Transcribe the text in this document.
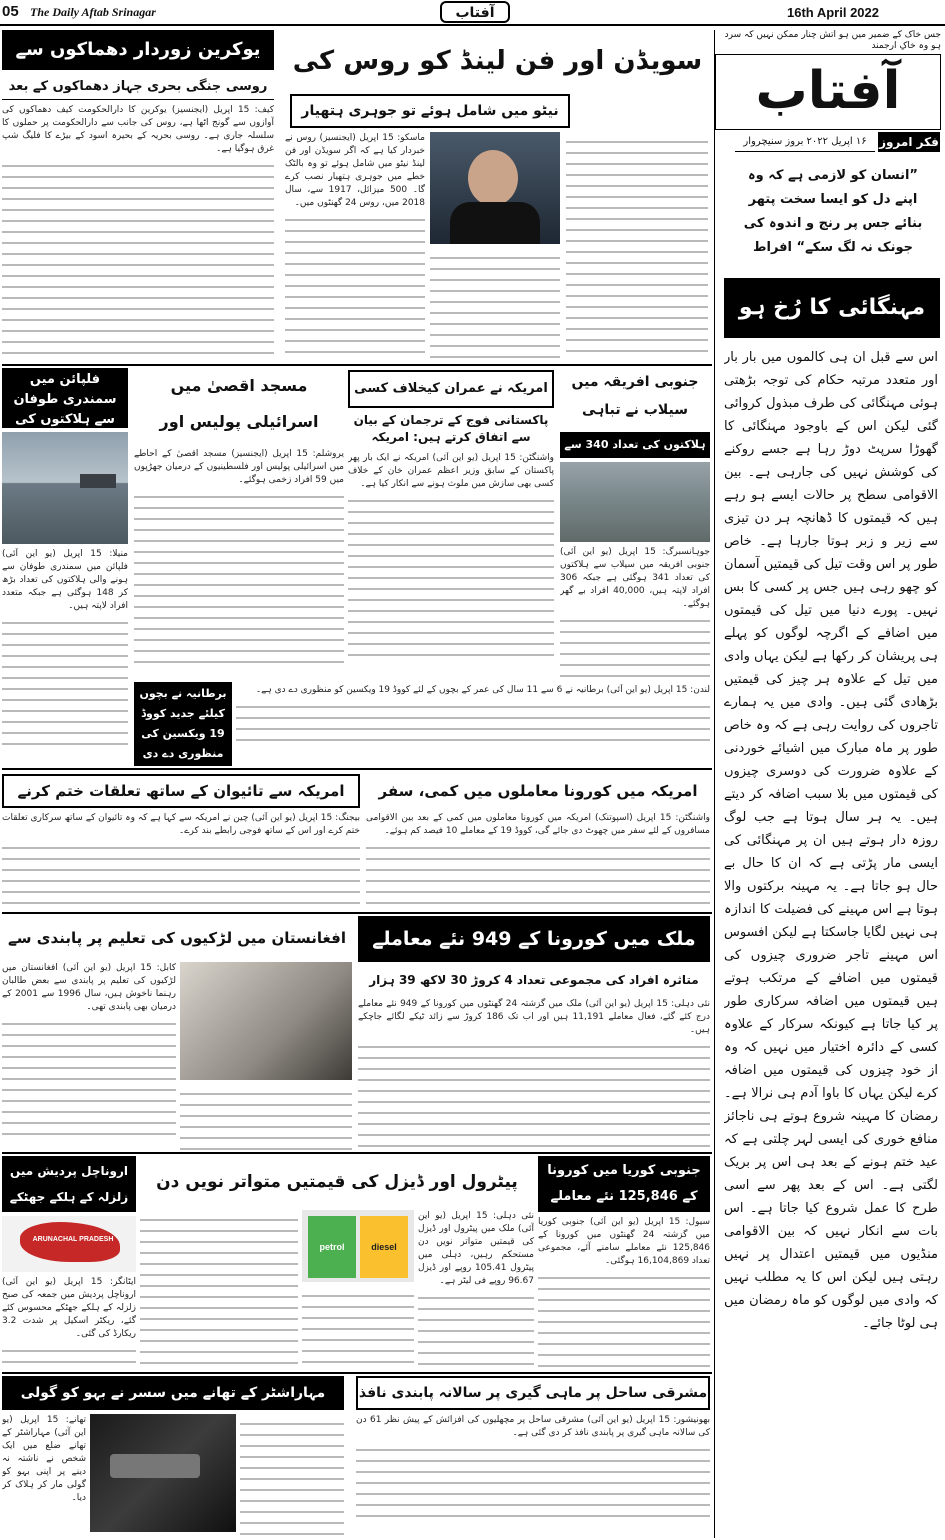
05 The Daily Aftab Srinagar	آفتاب	16th April 2022
جس خاک کے ضمیر میں ہو آتش چنار ممکن نہیں کہ سرد ہو وہ خاکِ ارجمند
آفتاب
فکر امروز
۱۶ اپریل ۲۰۲۲ بروز سنیچروار
”انسان کو لازمی ہے کہ وہ اپنے دل کو ایسا سخت پتھر بنائے جس پر رنج و اندوہ کی جونک نہ لگ سکے“ افراط
مہنگائی کا رُخ ہو
اس سے قبل ان ہی کالموں میں بار بار اور متعدد مرتبہ حکام کی توجہ بڑھتی ہوئی مہنگائی کی طرف مبذول کروائی گئی لیکن اس کے باوجود مہنگائی کا گھوڑا سرپٹ دوڑ رہا ہے جسے روکنے کی کوشش نہیں کی جارہی ہے۔ بین الاقوامی سطح پر حالات ایسے ہو رہے ہیں کہ قیمتوں کا ڈھانچہ ہر دن تیزی سے زیر و زبر ہوتا جارہا ہے۔ خاص طور پر اس وقت تیل کی قیمتیں آسمان کو چھو رہی ہیں جس پر کسی کا بس نہیں۔ پورے دنیا میں تیل کی قیمتوں میں اضافے کے اگرچہ لوگوں کو پہلے ہی پریشان کر رکھا ہے لیکن یہاں وادی میں تیل کے علاوہ ہر چیز کی قیمتیں بڑھادی گئی ہیں۔ وادی میں یہ ہمارے تاجروں کی روایت رہی ہے کہ وہ خاص طور پر ماہ مبارک میں اشیائے خوردنی کے علاوہ ضرورت کی دوسری چیزوں کی قیمتوں میں بلا سبب اضافہ کر دیتے ہیں۔ یہ ہر سال ہوتا ہے جب لوگ روزہ دار ہوتے ہیں ان پر مہنگائی کی ایسی مار پڑتی ہے کہ ان کا حال بے حال ہو جاتا ہے۔ یہ مہینہ برکتوں والا ہوتا ہے اس مہینے کی فضیلت کا اندازہ ہی نہیں لگایا جاسکتا ہے لیکن افسوس اس مہینے تاجر ضروری چیزوں کی قیمتوں میں اضافے کے مرتکب ہوتے ہیں قیمتوں میں اضافہ سرکاری طور پر کیا جاتا ہے کیونکہ سرکار کے علاوہ کسی کے دائرہ اختیار میں نہیں کہ وہ از خود چیزوں کی قیمتوں میں اضافہ کرے لیکن یہاں کا باوا آدم ہی نرالا ہے۔ رمضان کا مہینہ شروع ہوتے ہی ناجائز منافع خوری کی ایسی لہر چلتی ہے کہ عید ختم ہونے کے بعد ہی اس پر بریک لگتی ہے۔ اس کے بعد پھر سے اسی طرح کا عمل شروع کیا جاتا ہے۔ اس بات سے انکار نہیں کہ بین الاقوامی منڈیوں میں قیمتیں اعتدال پر نہیں رہتی ہیں لیکن اس کا یہ مطلب نہیں کہ وادی میں لوگوں کو ماہ رمضان میں ہی لوٹا جائے۔
یوکرین زوردار دھماکوں سے
روسی جنگی بحری جہاز دھماکوں کے بعد
کیف: 15 اپریل (ایجنسیز) یوکرین کا دارالحکومت کیف دھماکوں کی آوازوں سے گونج اٹھا ہے، روس کی جانب سے دارالحکومت پر حملوں کا سلسلہ جاری ہے۔ روسی بحریہ کے بحیرہ اسود کے بیڑے کا فلیگ شپ غرق ہوگیا ہے۔
سویڈن اور فن لینڈ کو روس کی
نیٹو میں شامل ہوئے تو جوہری ہتھیار
ماسکو: 15 اپریل (ایجنسیز) روس نے خبردار کیا ہے کہ اگر سویڈن اور فن لینڈ نیٹو میں شامل ہوئے تو وہ بالٹک خطے میں جوہری ہتھیار نصب کرے گا۔ 500 میزائل، 1917 سے، سال 2018 میں، روس 24 گھنٹوں میں۔
فلپائن میں سمندری طوفان سے ہلاکتوں کی
منیلا: 15 اپریل (یو این آئی) فلپائن میں سمندری طوفان سے ہونے والی ہلاکتوں کی تعداد بڑھ کر 148 ہوگئی ہے جبکہ متعدد افراد لاپتہ ہیں۔
مسجد اقصیٰ میں اسرائیلی پولیس اور
یروشلم: 15 اپریل (ایجنسیز) مسجد اقصیٰ کے احاطے میں اسرائیلی پولیس اور فلسطینیوں کے درمیان جھڑپوں میں 59 افراد زخمی ہوگئے۔
امریکہ نے عمران کیخلاف کسی
پاکستانی فوج کے ترجمان کے بیان سے اتفاق کرتے ہیں: امریکہ
واشنگٹن: 15 اپریل (یو این آئی) امریکہ نے ایک بار پھر پاکستان کے سابق وزیر اعظم عمران خان کے خلاف کسی بھی سازش میں ملوث ہونے سے انکار کیا ہے۔
جنوبی افریقہ میں سیلاب نے تباہی
ہلاکتوں کی تعداد 340 سے
جوہانسبرگ: 15 اپریل (یو این آئی) جنوبی افریقہ میں سیلاب سے ہلاکتوں کی تعداد 341 ہوگئی ہے جبکہ 306 افراد لاپتہ ہیں، 40,000 افراد بے گھر ہوگئے۔
برطانیہ نے بچوں کیلئے جدید کووڈ 19 ویکسین کی منظوری دے دی
لندن: 15 اپریل (یو این آئی) برطانیہ نے 6 سے 11 سال کی عمر کے بچوں کے لئے کووڈ 19 ویکسین کو منظوری دے دی ہے۔
امریکہ سے تائیوان کے ساتھ تعلقات ختم کرنے
بیجنگ: 15 اپریل (یو این آئی) چین نے امریکہ سے کہا ہے کہ وہ تائیوان کے ساتھ سرکاری تعلقات ختم کرے اور اس کے ساتھ فوجی رابطے بند کرے۔
امریکہ میں کورونا معاملوں میں کمی، سفر
واشنگٹن: 15 اپریل (اسپوتنک) امریکہ میں کورونا معاملوں میں کمی کے بعد بین الاقوامی مسافروں کے لئے سفر میں چھوٹ دی جائے گی، کووڈ 19 کے معاملے 10 فیصد کم ہوئے۔
افغانستان میں لڑکیوں کی تعلیم پر پابندی سے
کابل: 15 اپریل (یو این آئی) افغانستان میں لڑکیوں کی تعلیم پر پابندی سے بعض طالبان رہنما ناخوش ہیں، سال 1996 سے 2001 کے درمیان بھی پابندی تھی۔
ملک میں کورونا کے 949 نئے معاملے
متاثرہ افراد کی مجموعی تعداد 4 کروڑ 30 لاکھ 39 ہزار
نئی دہلی: 15 اپریل (یو این آئی) ملک میں گزشتہ 24 گھنٹوں میں کورونا کے 949 نئے معاملے درج کئے گئے، فعال معاملے 11,191 ہیں اور اب تک 186 کروڑ سے زائد ٹیکے لگائے جاچکے ہیں۔
اروناچل پردیش میں زلزلہ کے ہلکے جھٹکے
ARUNACHAL PRADESH
ایٹانگر: 15 اپریل (یو این آئی) اروناچل پردیش میں جمعہ کی صبح زلزلہ کے ہلکے جھٹکے محسوس کئے گئے، ریکٹر اسکیل پر شدت 3.2 ریکارڈ کی گئی۔
پیٹرول اور ڈیزل کی قیمتیں متواتر نویں دن
petrol	diesel
نئی دہلی: 15 اپریل (یو این آئی) ملک میں پیٹرول اور ڈیزل کی قیمتیں متواتر نویں دن مستحکم رہیں، دہلی میں پیٹرول 105.41 روپے اور ڈیزل 96.67 روپے فی لیٹر ہے۔
جنوبی کوریا میں کورونا کے 125,846 نئے معاملے
سیول: 15 اپریل (یو این آئی) جنوبی کوریا میں گزشتہ 24 گھنٹوں میں کورونا کے 125,846 نئے معاملے سامنے آئے، مجموعی تعداد 16,104,869 ہوگئی۔
مہاراشٹر کے تھانے میں سسر نے بہو کو گولی
تھانے: 15 اپریل (یو این آئی) مہاراشٹر کے تھانے ضلع میں ایک شخص نے ناشتہ نہ دینے پر اپنی بہو کو گولی مار کر ہلاک کر دیا۔
مشرقی ساحل پر ماہی گیری پر سالانہ پابندی نافذ
بھونیشور: 15 اپریل (یو این آئی) مشرقی ساحل پر مچھلیوں کی افزائش کے پیش نظر 61 دن کی سالانہ ماہی گیری پر پابندی نافذ کر دی گئی ہے۔
